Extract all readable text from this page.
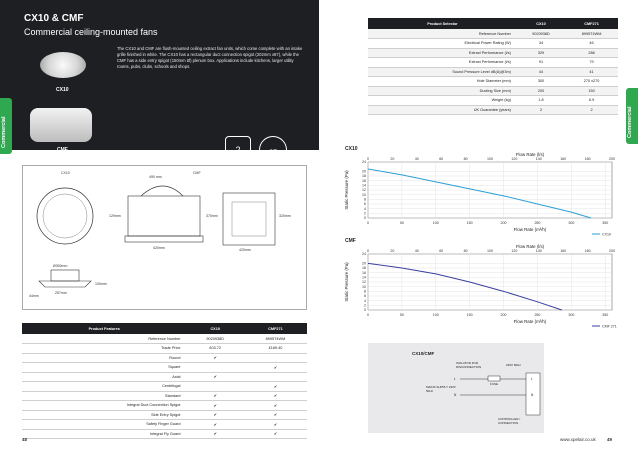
CX10 & CMF
Commercial ceiling-mounted fans
The CX10 and CMF are flush-mounted ceiling extract fan units, which come complete with an intake grille finished in white. The CX10 has a rectangular duct connection spigot (202mm x87), while the CMF has a side entry spigot (150mm Ø) plenum box. Applications include kitchens, larger utility rooms, pubs, clubs, schools and shops.
CX10
CMF	2	CE
Commercial	Commercial
CX10	CMF
Ø392mm
257mm
100mm
44mm
490 mm
420mm
370mm
420mm
320mm
129mm
Product Features	CX10	CMF271
Reference Number	9020938D	8995T4WM
Trade Price	£03.72	£169.40
Round	✔	
Square		✔
Axial	✔	
Centrifugal		✔
Standard	✔	✔
Integral Duct Connection Spigot	✔	✔
Side Entry Spigot	✔	✔
Safety Finger Guard	✔	✔
Integral Fly Guard	✔	✔
Product Selector	CX10	CMF271
Reference Number	9020938D	8995T4WM
Electrical Power Rating (W)	34	46
Extract Performance (l/s)	329	286
Extract Performance (l/s)	91	79
Sound Pressure Level dB(A)@3m)	44	41
Hole Diameter (mm)	300	270 x270
Ducting Size (mm)	200	150
Weight (kg)	1.8	6.9
UK Guarantee (years)	2	2
CX10
0
2
4
6
8
10
12
14
16
18
20
24
0	50	100	150	200	250	300	350
0	20	40	60	80	100	120	140	160	180	200
Flow Rate (l/s)
Flow Rate (m³/h)
Static Pressure (Pa)
CX10
CMF
0
2
4
6
8
10
12
14
16
18
20
24
0	50	100	150	200	250	300	350
0	20	40	60	80	100	120	140	160	180	200
Flow Rate (l/s)
Flow Rate (m³/h)
Static Pressure (Pa)
CMF 271
CX10/CMF
ISOLATOR FOR DISCONNECTION	230V 50Hz
FUSE
MAINS SUPPLY 230V 50Hz
L
N
L
N
CONTROLLER / CONNECTION
48	www.xpelair.co.uk 49
